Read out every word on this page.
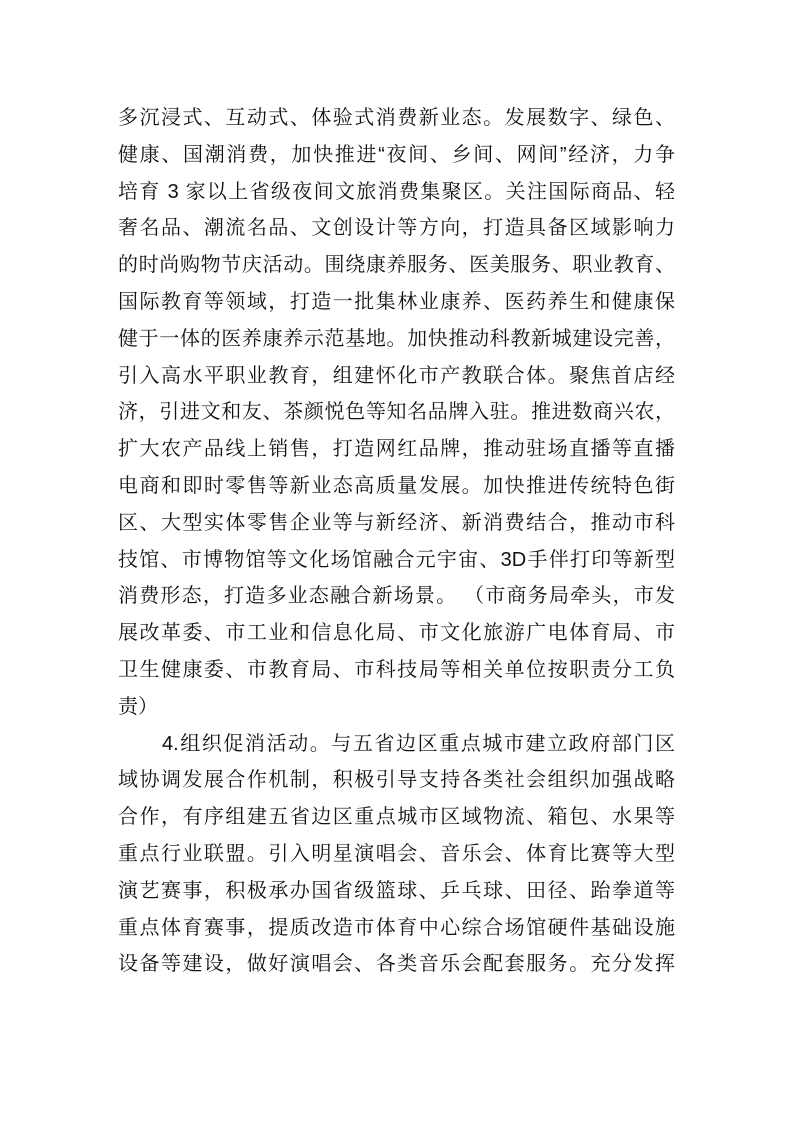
多沉浸式、互动式、体验式消费新业态。发展数字、绿色、
健康、国潮消费，加快推进“夜间、乡间、网间”经济，力争
培育 3 家以上省级夜间文旅消费集聚区。关注国际商品、轻
奢名品、潮流名品、文创设计等方向，打造具备区域影响力
的时尚购物节庆活动。围绕康养服务、医美服务、职业教育、
国际教育等领域，打造一批集林业康养、医药养生和健康保
健于一体的医养康养示范基地。加快推动科教新城建设完善，
引入高水平职业教育，组建怀化市产教联合体。聚焦首店经
济，引进文和友、茶颜悦色等知名品牌入驻。推进数商兴农，
扩大农产品线上销售，打造网红品牌，推动驻场直播等直播
电商和即时零售等新业态高质量发展。加快推进传统特色街
区、大型实体零售企业等与新经济、新消费结合，推动市科
技馆、市博物馆等文化场馆融合元宇宙、3D手伴打印等新型
消费形态，打造多业态融合新场景。 （市商务局牵头，市发
展改革委、市工业和信息化局、市文化旅游广电体育局、市
卫生健康委、市教育局、市科技局等相关单位按职责分工负
责）
4.组织促消活动。与五省边区重点城市建立政府部门区
域协调发展合作机制，积极引导支持各类社会组织加强战略
合作，有序组建五省边区重点城市区域物流、箱包、水果等
重点行业联盟。引入明星演唱会、音乐会、体育比赛等大型
演艺赛事，积极承办国省级篮球、乒乓球、田径、跆拳道等
重点体育赛事，提质改造市体育中心综合场馆硬件基础设施
设备等建设，做好演唱会、各类音乐会配套服务。充分发挥
